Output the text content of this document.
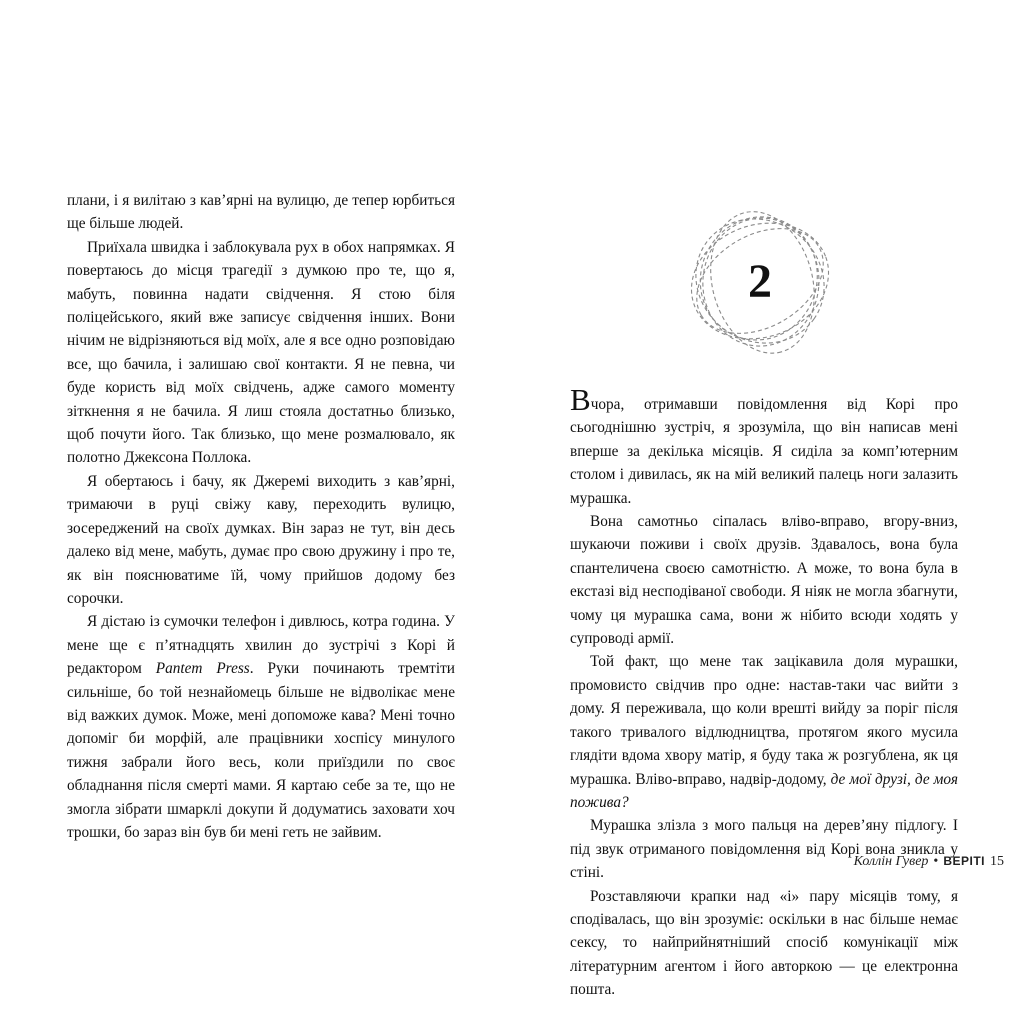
плани, і я вилітаю з кав’ярні на вулицю, де тепер юрбиться ще більше людей.

Приїхала швидка і заблокувала рух в обох напрямках. Я повертаюсь до місця трагедії з думкою про те, що я, мабуть, повинна надати свідчення. Я стою біля поліцейського, який вже записує свідчення інших. Вони нічим не відрізняються від моїх, але я все одно розповідаю все, що бачила, і залишаю свої контакти. Я не певна, чи буде користь від моїх свідчень, адже самого моменту зіткнення я не бачила. Я лиш стояла достатньо близько, щоб почути його. Так близько, що мене розмалювало, як полотно Джексона Поллока.

Я обертаюсь і бачу, як Джеремі виходить з кав’ярні, тримаючи в руці свіжу каву, переходить вулицю, зосереджений на своїх думках. Він зараз не тут, він десь далеко від мене, мабуть, думає про свою дружину і про те, як він пояснюватиме їй, чому прийшов додому без сорочки.

Я дістаю із сумочки телефон і дивлюсь, котра година. У мене ще є п’ятнадцять хвилин до зустрічі з Корі й редактором Pantem Press. Руки починають тремтіти сильніше, бо той незнайомець більше не відволікає мене від важких думок. Може, мені допоможе кава? Мені точно допоміг би морфій, але працівники хоспісу минулого тижня забрали його весь, коли приїздили по своє обладнання після смерті мами. Я картаю себе за те, що не змогла зібрати шмарклі докупи й додуматись заховати хоч трошки, бо зараз він був би мені геть не зайвим.

2

Вчора, отримавши повідомлення від Корі про сьогоднішню зустріч, я зрозуміла, що він написав мені вперше за декілька місяців. Я сиділа за комп’ютерним столом і дивилась, як на мій великий палець ноги залазить мурашка.

Вона самотньо сіпалась вліво-вправо, вгору-вниз, шукаючи поживи і своїх друзів. Здавалось, вона була спантеличена своєю самотністю. А може, то вона була в екстазі від несподіваної свободи. Я ніяк не могла збагнути, чому ця мурашка сама, вони ж нібито всюди ходять у супроводі армії.

Той факт, що мене так зацікавила доля мурашки, промовисто свідчив про одне: настав-таки час вийти з дому. Я переживала, що коли врешті вийду за поріг після такого тривалого відлюдництва, протягом якого мусила глядіти вдома хвору матір, я буду така ж розгублена, як ця мурашка. Вліво-вправо, надвір-додому, де мої друзі, де моя пожива?

Мурашка злізла з мого пальця на дерев’яну підлогу. І під звук отриманого повідомлення від Корі вона зникла у стіні.

Розставляючи крапки над «і» пару місяців тому, я сподівалась, що він зрозуміє: оскільки в нас більше немає сексу, то найприйнятніший спосіб комунікації між літературним агентом і його авторкою — це електронна пошта.

Коллін Гувер • ВЕРІТІ 15
